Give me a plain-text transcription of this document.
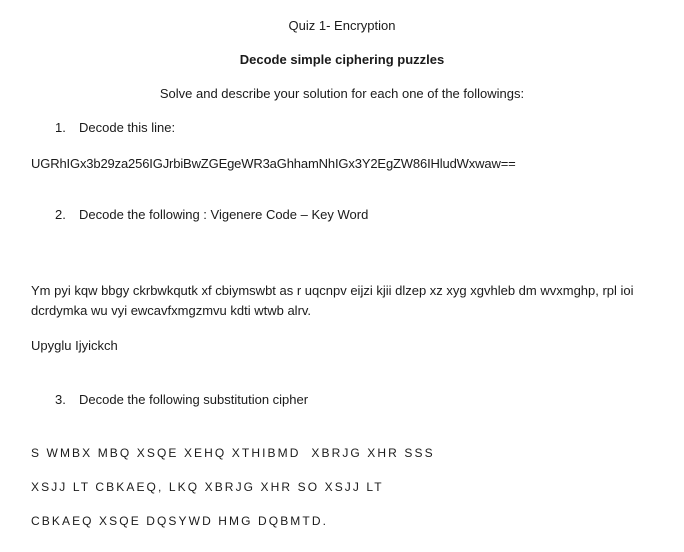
Quiz 1- Encryption
Decode simple ciphering puzzles
Solve and describe your solution for each one of the followings:
1. Decode this line:
UGRhIGx3b29za256IGJrbiBwZGEgeWR3aGhhamNhIGx3Y2EgZW86IHludWxwaw==
2. Decode the following : Vigenere Code – Key Word
Ym pyi kqw bbgy ckrbwkqutk xf cbiymswbt as r uqcnpv eijzi kjii dlzep xz xyg xgvhleb dm wvxmghp, rpl ioi
dcrdymka wu vyi ewcavfxmgzmvu kdti wtwb alrv.
Upyglu Ijyickch
3. Decode the following substitution cipher
S WMBX MBQ XSQE XEHQ XTHIBMD  XBRJG XHR SSS
XSJJ LT CBKAEQ, LKQ XBRJG XHR SO XSJJ LT
CBKAEQ XSQE DQSYWD HMG DQBMTD.
